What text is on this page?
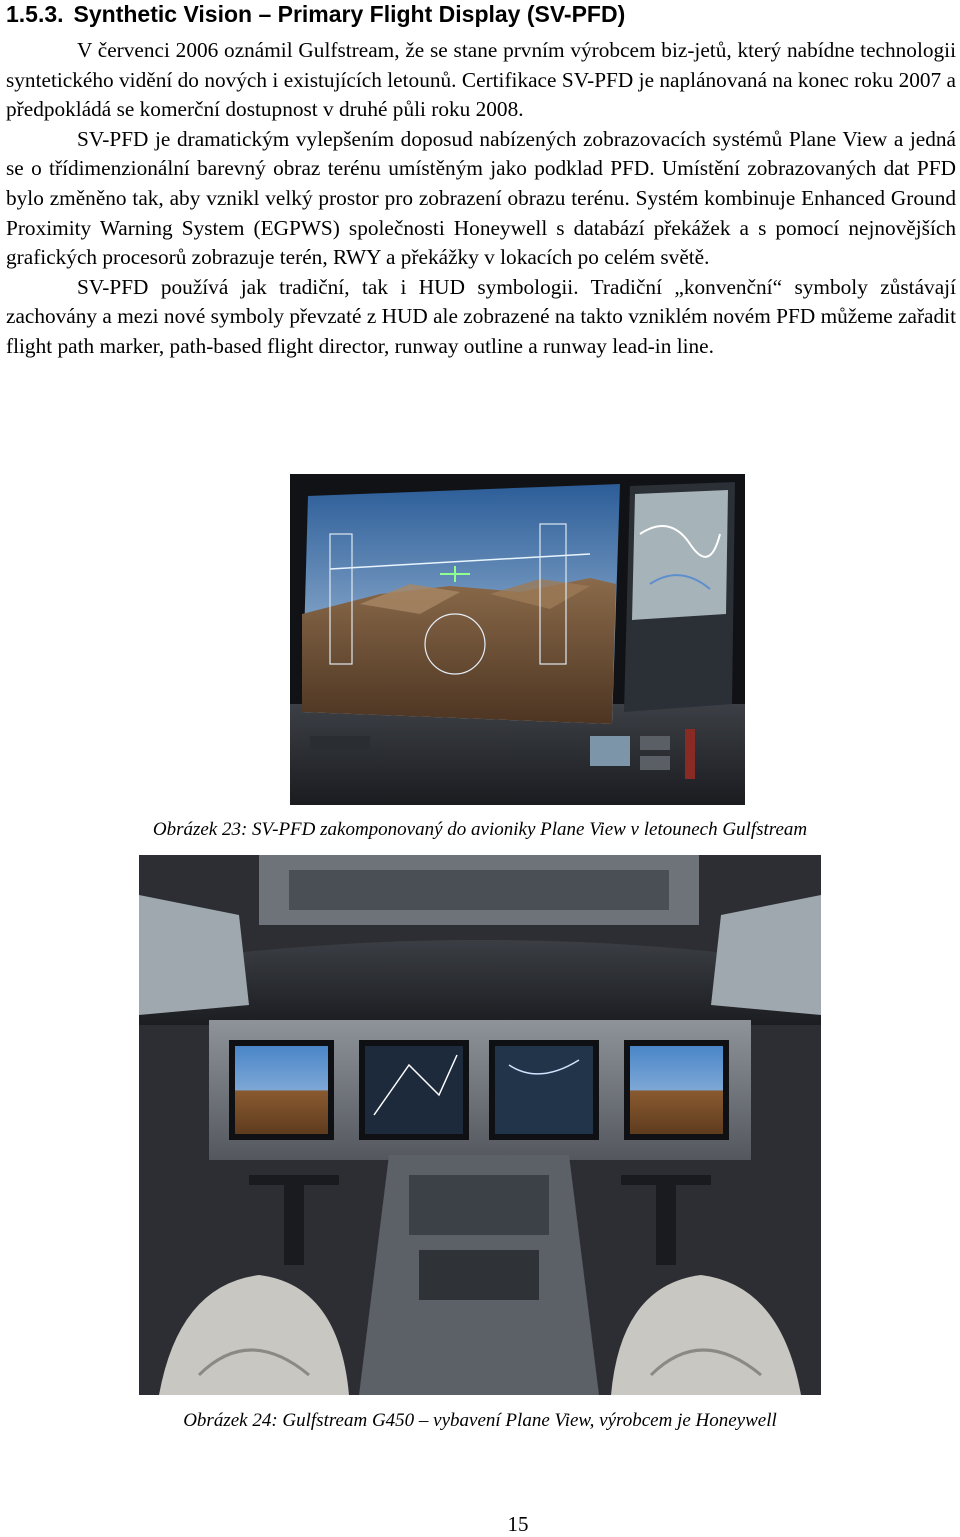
1.5.3. Synthetic Vision – Primary Flight Display (SV-PFD)

V červenci 2006 oznámil Gulfstream, že se stane prvním výrobcem biz-jetů, který nabídne technologii syntetického vidění do nových i existujících letounů. Certifikace SV-PFD je naplánovaná na konec roku 2007 a předpokládá se komerční dostupnost v druhé půli roku 2008.

SV-PFD je dramatickým vylepšením doposud nabízených zobrazovacích systémů Plane View a jedná se o třídimenzionální barevný obraz terénu umístěným jako podklad PFD. Umístění zobrazovaných dat PFD bylo změněno tak, aby vznikl velký prostor pro zobrazení obrazu terénu. Systém kombinuje Enhanced Ground Proximity Warning System (EGPWS) společnosti Honeywell s databází překážek a s pomocí nejnovějších grafických procesorů zobrazuje terén, RWY a překážky v lokacích po celém světě.

SV-PFD používá jak tradiční, tak i HUD symbologii. Tradiční „konvenční“ symboly zůstávají zachovány a mezi nové symboly převzaté z HUD ale zobrazené na takto vzniklém novém PFD můžeme zařadit flight path marker, path-based flight director, runway outline a runway lead-in line.

Obrázek 23: SV-PFD zakomponovaný do avioniky Plane View v letounech Gulfstream
Obrázek 24: Gulfstream G450 – vybavení Plane View, výrobcem je Honeywell
15
